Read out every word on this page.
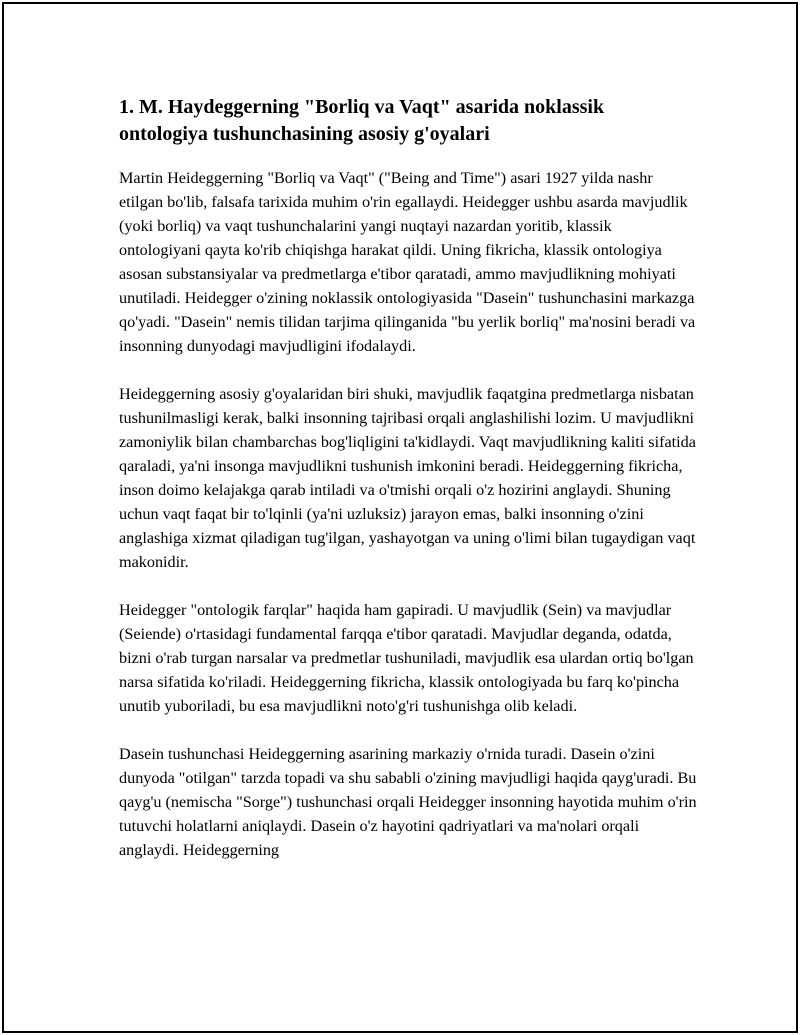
1. M. Haydeggerning "Borliq va Vaqt" asarida noklassik ontologiya tushunchasining asosiy g'oyalari

Martin Heideggerning "Borliq va Vaqt" ("Being and Time") asari 1927 yilda nashr etilgan bo'lib, falsafa tarixida muhim o'rin egallaydi. Heidegger ushbu asarda mavjudlik (yoki borliq) va vaqt tushunchalarini yangi nuqtayi nazardan yoritib, klassik ontologiyani qayta ko'rib chiqishga harakat qildi. Uning fikricha, klassik ontologiya asosan substansiyalar va predmetlarga e'tibor qaratadi, ammo mavjudlikning mohiyati unutiladi. Heidegger o'zining noklassik ontologiyasida "Dasein" tushunchasini markazga qo'yadi. "Dasein" nemis tilidan tarjima qilinganida "bu yerlik borliq" ma'nosini beradi va insonning dunyodagi mavjudligini ifodalaydi.

Heideggerning asosiy g'oyalaridan biri shuki, mavjudlik faqatgina predmetlarga nisbatan tushunilmasligi kerak, balki insonning tajribasi orqali anglashilishi lozim. U mavjudlikni zamoniylik bilan chambarchas bog'liqligini ta'kidlaydi. Vaqt mavjudlikning kaliti sifatida qaraladi, ya'ni insonga mavjudlikni tushunish imkonini beradi. Heideggerning fikricha, inson doimo kelajakga qarab intiladi va o'tmishi orqali o'z hozirini anglaydi. Shuning uchun vaqt faqat bir to'lqinli (ya'ni uzluksiz) jarayon emas, balki insonning o'zini anglashiga xizmat qiladigan tug'ilgan, yashayotgan va uning o'limi bilan tugaydigan vaqt makonidir.

Heidegger "ontologik farqlar" haqida ham gapiradi. U mavjudlik (Sein) va mavjudlar (Seiende) o'rtasidagi fundamental farqqa e'tibor qaratadi. Mavjudlar deganda, odatda, bizni o'rab turgan narsalar va predmetlar tushuniladi, mavjudlik esa ulardan ortiq bo'lgan narsa sifatida ko'riladi. Heideggerning fikricha, klassik ontologiyada bu farq ko'pincha unutib yuboriladi, bu esa mavjudlikni noto'g'ri tushunishga olib keladi.

Dasein tushunchasi Heideggerning asarining markaziy o'rnida turadi. Dasein o'zini dunyoda "otilgan" tarzda topadi va shu sababli o'zining mavjudligi haqida qayg'uradi. Bu qayg'u (nemischa "Sorge") tushunchasi orqali Heidegger insonning hayotida muhim o'rin tutuvchi holatlarni aniqlaydi. Dasein o'z hayotini qadriyatlari va ma'nolari orqali anglaydi. Heideggerning
